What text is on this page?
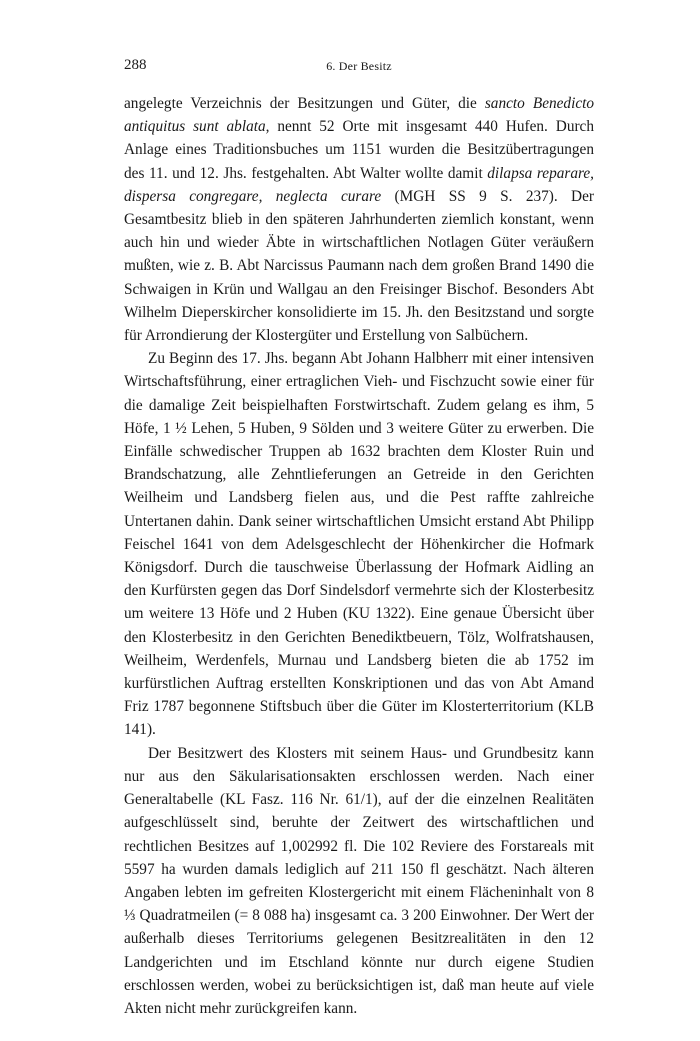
288	6. Der Besitz

angelegte Verzeichnis der Besitzungen und Güter, die sancto Benedicto antiquitus sunt ablata, nennt 52 Orte mit insgesamt 440 Hufen. Durch Anlage eines Traditionsbuches um 1151 wurden die Besitzübertragungen des 11. und 12. Jhs. festgehalten. Abt Walter wollte damit dilapsa reparare, dispersa congregare, neglecta curare (MGH SS 9 S. 237). Der Gesamtbesitz blieb in den späteren Jahrhunderten ziemlich konstant, wenn auch hin und wieder Äbte in wirtschaftlichen Notlagen Güter veräußern mußten, wie z. B. Abt Narcissus Paumann nach dem großen Brand 1490 die Schwaigen in Krün und Wallgau an den Freisinger Bischof. Besonders Abt Wilhelm Dieperskircher konsolidierte im 15. Jh. den Besitzstand und sorgte für Arrondierung der Klostergüter und Erstellung von Salbüchern.

Zu Beginn des 17. Jhs. begann Abt Johann Halbherr mit einer intensiven Wirtschaftsführung, einer ertraglichen Vieh- und Fischzucht sowie einer für die damalige Zeit beispielhaften Forstwirtschaft. Zudem gelang es ihm, 5 Höfe, 1 ½ Lehen, 5 Huben, 9 Sölden und 3 weitere Güter zu erwerben. Die Einfälle schwedischer Truppen ab 1632 brachten dem Kloster Ruin und Brandschatzung, alle Zehntlieferungen an Getreide in den Gerichten Weilheim und Landsberg fielen aus, und die Pest raffte zahlreiche Untertanen dahin. Dank seiner wirtschaftlichen Umsicht erstand Abt Philipp Feischel 1641 von dem Adelsgeschlecht der Höhenkircher die Hofmark Königsdorf. Durch die tauschweise Überlassung der Hofmark Aidling an den Kurfürsten gegen das Dorf Sindelsdorf vermehrte sich der Klosterbesitz um weitere 13 Höfe und 2 Huben (KU 1322). Eine genaue Übersicht über den Klosterbesitz in den Gerichten Benediktbeuern, Tölz, Wolfratshausen, Weilheim, Werdenfels, Murnau und Landsberg bieten die ab 1752 im kurfürstlichen Auftrag erstellten Konskriptionen und das von Abt Amand Friz 1787 begonnene Stiftsbuch über die Güter im Klosterterritorium (KLB 141).

Der Besitzwert des Klosters mit seinem Haus- und Grundbesitz kann nur aus den Säkularisationsakten erschlossen werden. Nach einer Generaltabelle (KL Fasz. 116 Nr. 61/1), auf der die einzelnen Realitäten aufgeschlüsselt sind, beruhte der Zeitwert des wirtschaftlichen und rechtlichen Besitzes auf 1,002992 fl. Die 102 Reviere des Forstareals mit 5597 ha wurden damals lediglich auf 211 150 fl geschätzt. Nach älteren Angaben lebten im gefreiten Klostergericht mit einem Flächeninhalt von 8 ⅓ Quadratmeilen (= 8 088 ha) insgesamt ca. 3 200 Einwohner. Der Wert der außerhalb dieses Territoriums gelegenen Besitzrealitäten in den 12 Landgerichten und im Etschland könnte nur durch eigene Studien erschlossen werden, wobei zu berücksichtigen ist, daß man heute auf viele Akten nicht mehr zurückgreifen kann.
